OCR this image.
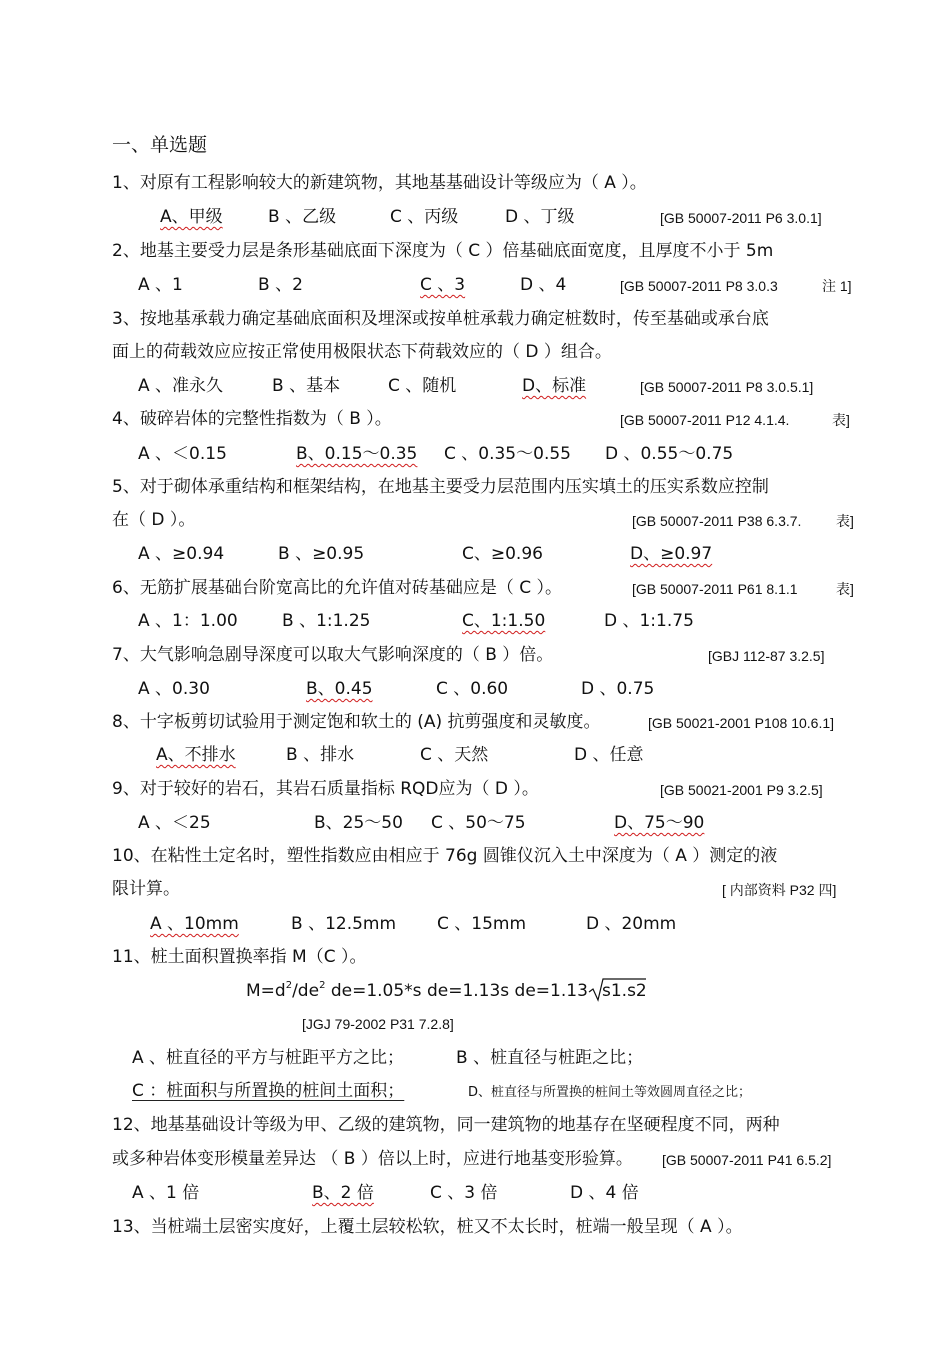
一、单选题
1、对原有工程影响较大的新建筑物，其地基基础设计等级应为（ A ）。
A、甲级	B 、乙级	C 、丙级	D 、丁级	[GB 50007-2011 P6 3.0.1]
2、地基主要受力层是条形基础底面下深度为（ C ）倍基础底面宽度，且厚度不小于 5m
A 、1	B 、2	C 、3	D 、4	[GB 50007-2011 P8 3.0.3	注 1]
3、按地基承载力确定基础底面积及埋深或按单桩承载力确定桩数时，传至基础或承台底
面上的荷载效应应按正常使用极限状态下荷载效应的（ D ）组合。
A 、准永久	B 、基本	C 、随机	D、标准	[GB 50007-2011 P8 3.0.5.1]
4、破碎岩体的完整性指数为（ B ）。	[GB 50007-2011 P12 4.1.4.	表]
A 、＜0.15	B、0.15～0.35 C 、0.35～0.55 D 、0.55～0.75
5、对于砌体承重结构和框架结构，在地基主要受力层范围内压实填土的压实系数应控制
在（ D ）。	[GB 50007-2011 P38 6.3.7. 表]
A 、≥0.94	B 、≥0.95	C、≥0.96	D、≥0.97
6、无筋扩展基础台阶宽高比的允许值对砖基础应是（ C ）。	[GB 50007-2011 P61 8.1.1	表]
A 、1：1.00	B 、1:1.25	C、1:1.50	D 、1:1.75
7、大气影响急剧导深度可以取大气影响深度的（ B ）倍。	[GBJ 112-87 3.2.5]
A 、0.30	B、0.45	C 、0.60	D 、0.75
8、十字板剪切试验用于测定饱和软土的 (A) 抗剪强度和灵敏度。	[GB 50021-2001 P108 10.6.1]
A、不排水	B 、排水	C 、天然	D 、任意
9、对于较好的岩石，其岩石质量指标 RQD应为（ D ）。	[GB 50021-2001 P9 3.2.5]
A 、＜25	B、25～50 C 、50～75	D、75～90
10、在粘性土定名时，塑性指数应由相应于 76g 圆锥仪沉入土中深度为（ A ）测定的液
限计算。	[ 内部资料 P32 四]
A 、10mm	B 、12.5mm C 、15mm	D 、20mm
11、桩土面积置换率指 M（C ）。
$M=d^2/de^2$ de=1.05*s de=1.13s de=1.13 s1.s2
[JGJ 79-2002 P31 7.2.8]
A 、桩直径的平方与桩距平方之比；	B 、桩直径与桩距之比；
C ：桩面积与所置换的桩间土面积；	D、桩直径与所置换的桩间土等效圆周直径之比；
12、地基基础设计等级为甲、乙级的建筑物，同一建筑物的地基存在坚硬程度不同，两种
或多种岩体变形模量差异达 （ B ）倍以上时，应进行地基变形验算。 [GB 50007-2011 P41 6.5.2]
A 、1 倍	B、2 倍	C 、3 倍	D 、4 倍
13、当桩端土层密实度好，上覆土层较松软，桩又不太长时，桩端一般呈现（ A ）。
